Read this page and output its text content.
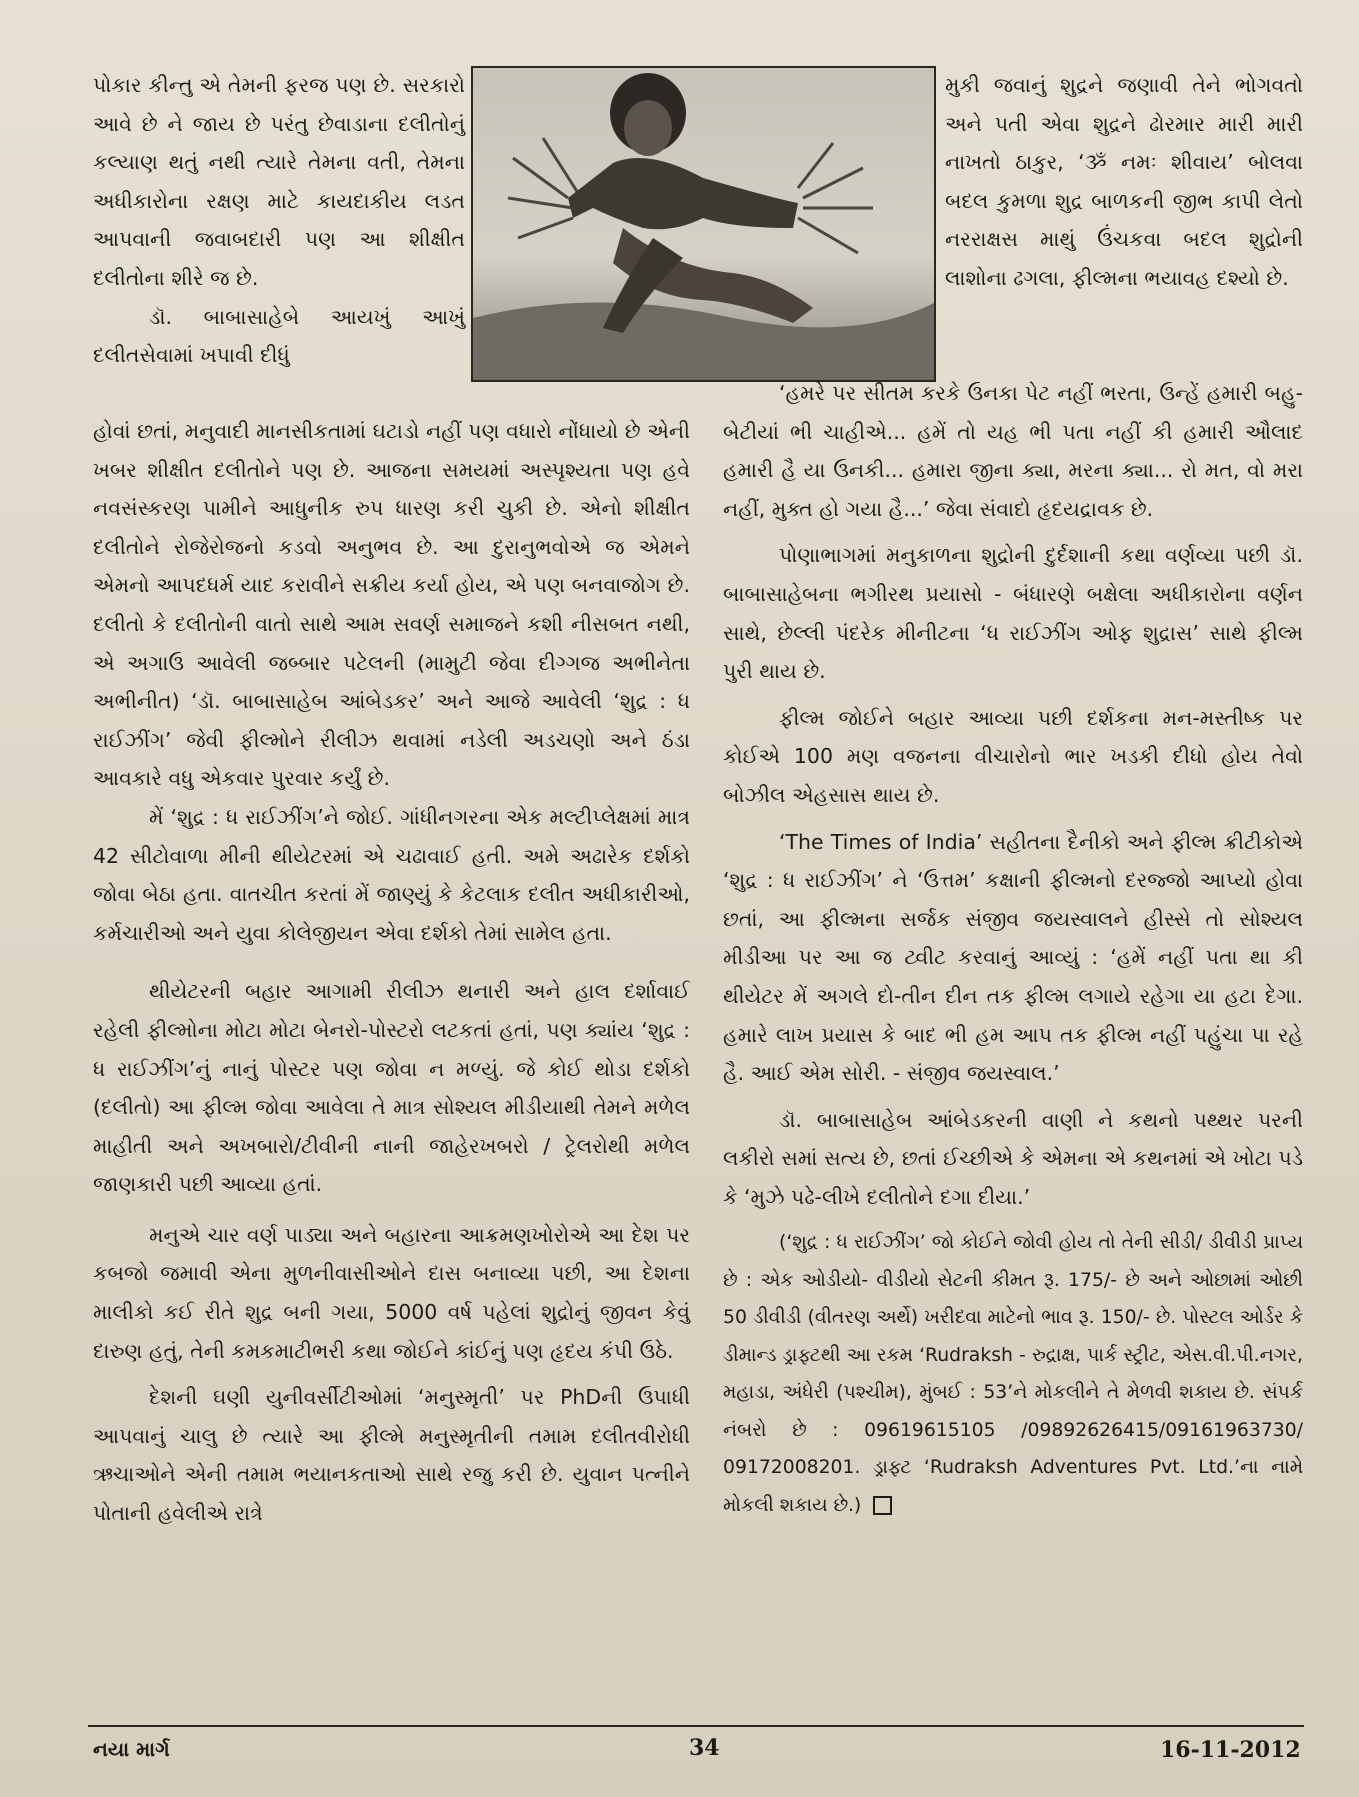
પોકાર કીન્તુ એ તેમની ફરજ પણ છે. સરકારો આવે છે ને જાય છે પરંતુ છેવાડાના દલીતોનું કલ્યાણ થતું નથી ત્યારે તેમના વતી, તેમના અધીકારોના રક્ષણ માટે કાયદાકીય લડત આપવાની જવાબદારી પણ આ શીક્ષીત દલીતોના શીરે જ છે.

ડૉ. બાબાસાહેબે આયખું આખું દલીતસેવામાં ખપાવી દીધું

મુકી જવાનું શુદ્રને જણાવી તેને ભોગવતો અને પતી એવા શુદ્રને ઢોરમાર મારી મારી નાખતો ઠાકુર, ‘ૐ નમઃ શીવાય’ બોલવા બદલ કુમળા શુદ્ર બાળકની જીભ કાપી લેતો નરરાક્ષસ માથું ઉંચકવા બદલ શુદ્રોની લાશોના ઢગલા, ફીલ્મના ભયાવહ દશ્યો છે.

હોવાં છતાં, મનુવાદી માનસીકતામાં ઘટાડો નહીં પણ વધારો નોંધાયો છે એની ખબર શીક્ષીત દલીતોને પણ છે. આજના સમયમાં અસ્પૃશ્યતા પણ હવે નવસંસ્કરણ પામીને આધુનીક રુપ ધારણ કરી ચુકી છે. એનો શીક્ષીત દલીતોને રોજેરોજનો કડવો અનુભવ છે. આ દુરાનુભવોએ જ એમને એમનો આપદધર્મ યાદ કરાવીને સક્રીય કર્યા હોય, એ પણ બનવાજોગ છે. દલીતો કે દલીતોની વાતો સાથે આમ સવર્ણ સમાજને કશી નીસબત નથી, એ અગાઉ આવેલી જબ્બાર પટેલની (મામુટી જેવા દીગ્ગજ અભીનેતા અભીનીત) ‘ડૉ. બાબાસાહેબ આંબેડકર’ અને આજે આવેલી ‘શુદ્ર : ધ રાઈઝીંગ’ જેવી ફીલ્મોને રીલીઝ થવામાં નડેલી અડચણો અને ઠંડા આવકારે વધુ એકવાર પુરવાર કર્યું છે.

મેં ‘શુદ્ર : ધ રાઈઝીંગ’ને જોઈ. ગાંધીનગરના એક મલ્ટીપ્લેક્ષમાં માત્ર 42 સીટોવાળા મીની થીયેટરમાં એ ચઢાવાઈ હતી. અમે અઢારેક દર્શકો જોવા બેઠા હતા. વાતચીત કરતાં મેં જાણ્યું કે કેટલાક દલીત અધીકારીઓ, કર્મચારીઓ અને યુવા કોલેજીયન એવા દર્શકો તેમાં સામેલ હતા.

થીયેટરની બહાર આગામી રીલીઝ થનારી અને હાલ દર્શાવાઈ રહેલી ફીલ્મોના મોટા મોટા બેનરો-પોસ્ટરો લટકતાં હતાં, પણ ક્યાંય ‘શુદ્ર : ધ રાઈઝીંગ’નું નાનું પોસ્ટર પણ જોવા ન મળ્યું. જે કોઈ થોડા દર્શકો (દલીતો) આ ફીલ્મ જોવા આવેલા તે માત્ર સોશ્યલ મીડીયાથી તેમને મળેલ માહીતી અને અખબારો/ટીવીની નાની જાહેરખબરો / ટ્રેલરોથી મળેલ જાણકારી પછી આવ્યા હતાં.

મનુએ ચાર વર્ણ પાડ્યા અને બહારના આક્રમણખોરોએ આ દેશ પર કબજો જમાવી એના મુળનીવાસીઓને દાસ બનાવ્યા પછી, આ દેશના માલીકો કઈ રીતે શુદ્ર બની ગયા, 5000 વર્ષ પહેલાં શુદ્રોનું જીવન કેવું દારુણ હતું, તેની કમકમાટીભરી કથા જોઈને કાંઈનું પણ હૃદય કંપી ઉઠે.

દેશની ઘણી યુનીવર્સીટીઓમાં ‘મનુસ્મૃતી’ પર PhDની ઉપાધી આપવાનું ચાલુ છે ત્યારે આ ફીલ્મે મનુસ્મૃતીની તમામ દલીતવીરોધી ઋચાઓને એની તમામ ભયાનકતાઓ સાથે રજુ કરી છે. યુવાન પત્નીને પોતાની હવેલીએ રાત્રે

‘હમરે પર સીતમ કરકે ઉનકા પેટ નહીં ભરતા, ઉન્હેં હમારી બહુ-બેટીયાં ભી ચાહીએ... હમેં તો યહ ભી પતા નહીં કી હમારી ઔલાદ હમારી હૈ યા ઉનકી... હમારા જીના ક્યા, મરના ક્યા... રો મત, વો મરા નહીં, મુક્ત હો ગયા હૈ...’ જેવા સંવાદો હૃદયદ્રાવક છે.

પોણાભાગમાં મનુકાળના શુદ્રોની દુર્દશાની કથા વર્ણવ્યા પછી ડૉ. બાબાસાહેબના ભગીરથ પ્રયાસો - બંધારણે બક્ષેલા અધીકારોના વર્ણન સાથે, છેલ્લી પંદરેક મીનીટના ‘ધ રાઈઝીંગ ઓફ શુદ્રાસ’ સાથે ફીલ્મ પુરી થાય છે.

ફીલ્મ જોઈને બહાર આવ્યા પછી દર્શકના મન-મસ્તીષ્ક પર કોઈએ 100 મણ વજનના વીચારોનો ભાર ખડકી દીધો હોય તેવો બોઝીલ એહસાસ થાય છે.

‘The Times of India’ સહીતના દૈનીકો અને ફીલ્મ ક્રીટીકોએ ‘શુદ્ર : ધ રાઈઝીંગ’ ને ‘ઉત્તમ’ કક્ષાની ફીલ્મનો દરજ્જો આપ્યો હોવા છતાં, આ ફીલ્મના સર્જક સંજીવ જયસ્વાલને હીસ્સે તો સોશ્યલ મીડીઆ પર આ જ ટ્વીટ કરવાનું આવ્યું : ‘હમેં નહીં પતા થા કી થીયેટર મેં અગલે દો-તીન દીન તક ફીલ્મ લગાયે રહેગા યા હટા દેગા. હમારે લાખ પ્રયાસ કે બાદ ભી હમ આપ તક ફીલ્મ નહીં પહુંચા પા રહે હૈ. આઈ એમ સોરી. - સંજીવ જયસ્વાલ.’

ડૉ. બાબાસાહેબ આંબેડકરની વાણી ને કથનો પથ્થર પરની લકીરો સમાં સત્ય છે, છતાં ઈચ્છીએ કે એમના એ કથનમાં એ ખોટા પડે કે ‘મુઝે પઢે-લીખે દલીતોને દગા દીયા.’

(‘શુદ્ર : ધ રાઈઝીંગ’ જો કોઈને જોવી હોય તો તેની સીડી/ ડીવીડી પ્રાપ્ય છે : એક ઓડીયો- વીડીયો સેટની કીમત રૂ. 175/- છે અને ઓછામાં ઓછી 50 ડીવીડી (વીતરણ અર્થે) ખરીદવા માટેનો ભાવ રૂ. 150/- છે. પોસ્ટલ ઓર્ડર કે ડીમાન્ડ ડ્રાફ્ટથી આ રકમ ‘Rudraksh - રુદ્રાક્ષ, પાર્ક સ્ટ્રીટ, એસ.વી.પી.નગર, મહાડા, અંધેરી (પશ્ચીમ), મુંબઈ : 53’ને મોકલીને તે મેળવી શકાય છે. સંપર્ક નંબરો છે : 09619615105 /09892626415/09161963730/ 09172008201. ડ્રાફ્ટ ‘Rudraksh Adventures Pvt. Ltd.’ના નામે મોકલી શકાય છે.)

નયા માર્ગ	34	16-11-2012
